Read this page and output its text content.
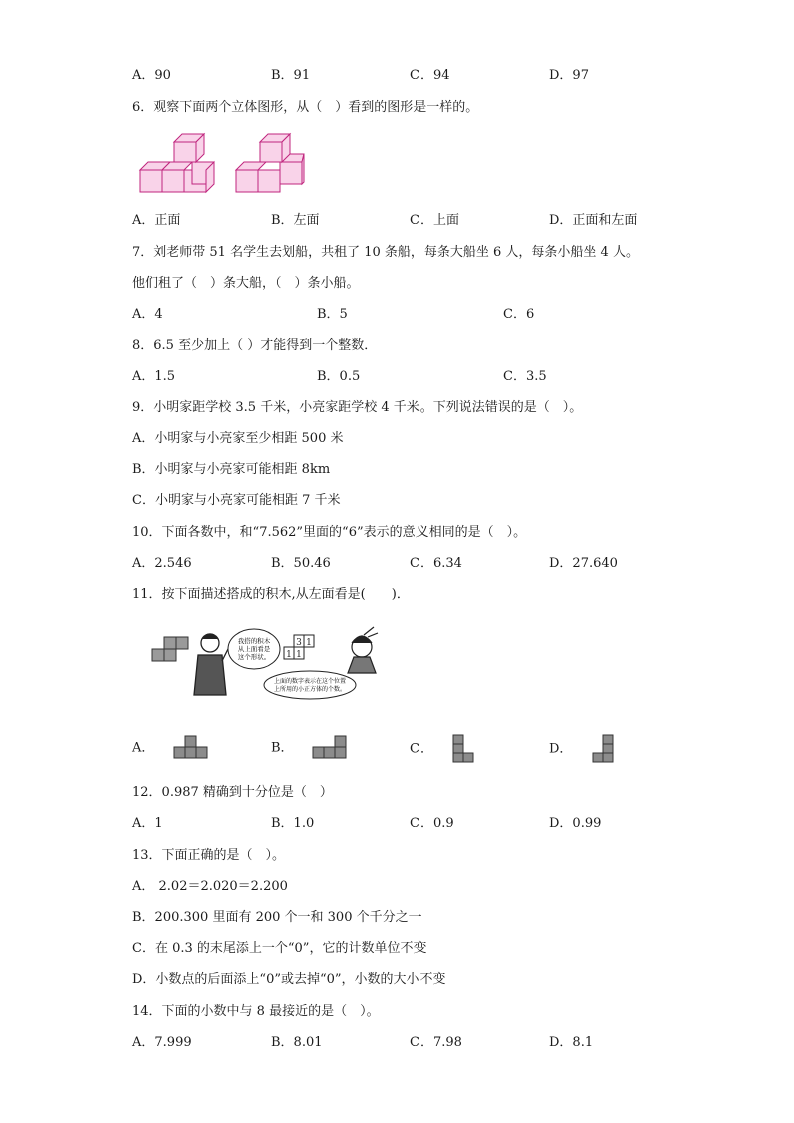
A．90	B．91	C．94	D．97
6．观察下面两个立体图形，从（　）看到的图形是一样的。
A．正面	B．左面	C．上面	D．正面和左面
7．刘老师带 51 名学生去划船，共租了 10 条船，每条大船坐 6 人，每条小船坐 4 人。
他们租了（　）条大船，（　）条小船。
A．4	B．5	C．6
8．6.5 至少加上（ ）才能得到一个整数．
A．1.5	B．0.5	C．3.5
9．小明家距学校 3.5 千米，小亮家距学校 4 千米。下列说法错误的是（　）。
A．小明家与小亮家至少相距 500 米
B．小明家与小亮家可能相距 8km
C．小明家与小亮家可能相距 7 千米
10．下面各数中，和“7.562”里面的“6”表示的意义相同的是（　）。
A．2.546	B．50.46	C．6.34	D．27.640
11．按下面描述搭成的积木,从左面看是(　　)．
我搭的积木
从上面看是
这个形状。
3 1
1 1
上面的数字表示在这个位置
上所用的小正方体的个数。
A．	B．	C．	D．
12．0.987 精确到十分位是（　）
A．1	B．1.0	C．0.9	D．0.99
13．下面正确的是（　）。
A． 2.02＝2.020＝2.200
B．200.300 里面有 200 个一和 300 个千分之一
C．在 0.3 的末尾添上一个“0”，它的计数单位不变
D．小数点的后面添上“0”或去掉“0”，小数的大小不变
14．下面的小数中与 8 最接近的是（　）。
A．7.999	B．8.01	C．7.98	D．8.1
